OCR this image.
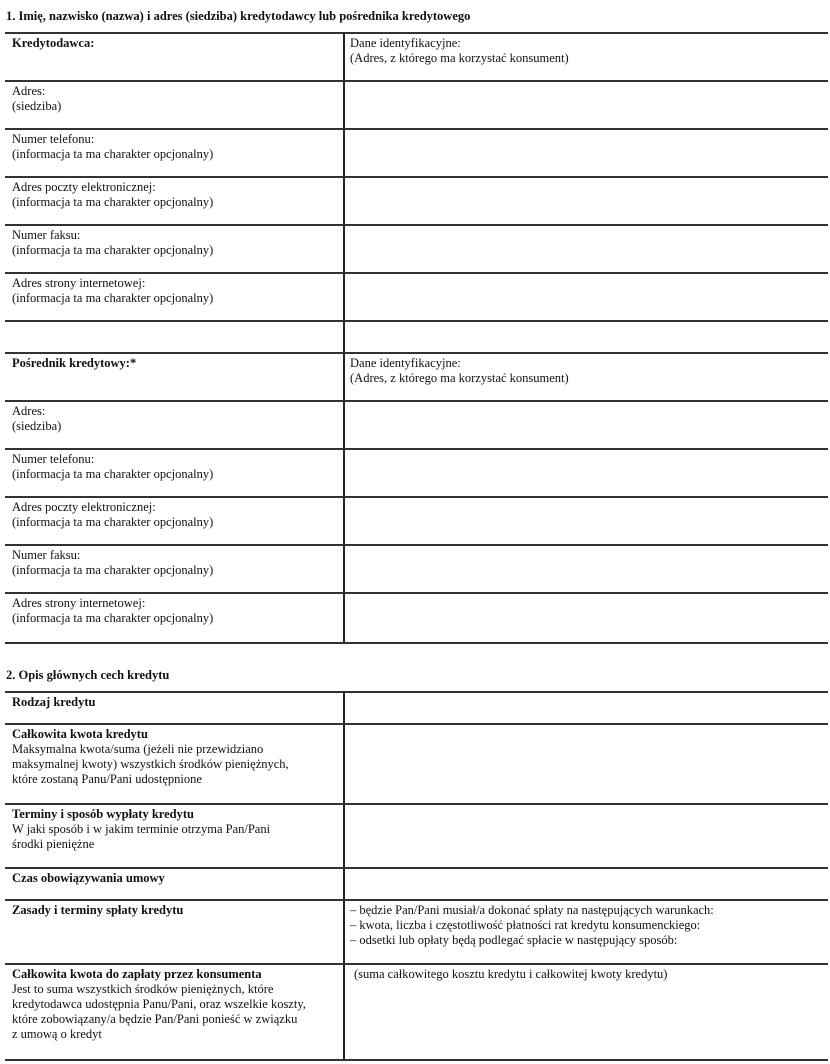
1. Imię, nazwisko (nazwa) i adres (siedziba) kredytodawcy lub pośrednika kredytowego
Kredytodawca:	Dane identyfikacyjne:
(Adres, z którego ma korzystać konsument)

Adres:
(siedziba)	

Numer telefonu:
(informacja ta ma charakter opcjonalny)	

Adres poczty elektronicznej:
(informacja ta ma charakter opcjonalny)	

Numer faksu:
(informacja ta ma charakter opcjonalny)	

Adres strony internetowej:
(informacja ta ma charakter opcjonalny)	

Pośrednik kredytowy:*	Dane identyfikacyjne:
(Adres, z którego ma korzystać konsument)

Adres:
(siedziba)	

Numer telefonu:
(informacja ta ma charakter opcjonalny)	

Adres poczty elektronicznej:
(informacja ta ma charakter opcjonalny)	

Numer faksu:
(informacja ta ma charakter opcjonalny)	

Adres strony internetowej:
(informacja ta ma charakter opcjonalny)	

2. Opis głównych cech kredytu
Rodzaj kredytu	

Całkowita kwota kredytu
Maksymalna kwota/suma (jeżeli nie przewidziano
maksymalnej kwoty) wszystkich środków pieniężnych,
które zostaną Panu/Pani udostępnione	

Terminy i sposób wypłaty kredytu
W jaki sposób i w jakim terminie otrzyma Pan/Pani
środki pieniężne	

Czas obowiązywania umowy	

Zasady i terminy spłaty kredytu	– będzie Pan/Pani musiał/a dokonać spłaty na następujących warunkach:
– kwota, liczba i częstotliwość płatności rat kredytu konsumenckiego:
– odsetki lub opłaty będą podlegać spłacie w następujący sposób:

Całkowita kwota do zapłaty przez konsumenta
Jest to suma wszystkich środków pieniężnych, które
kredytodawca udostępnia Panu/Pani, oraz wszelkie koszty,
które zobowiązany/a będzie Pan/Pani ponieść w związku
z umową o kredyt	(suma całkowitego kosztu kredytu i całkowitej kwoty kredytu)
